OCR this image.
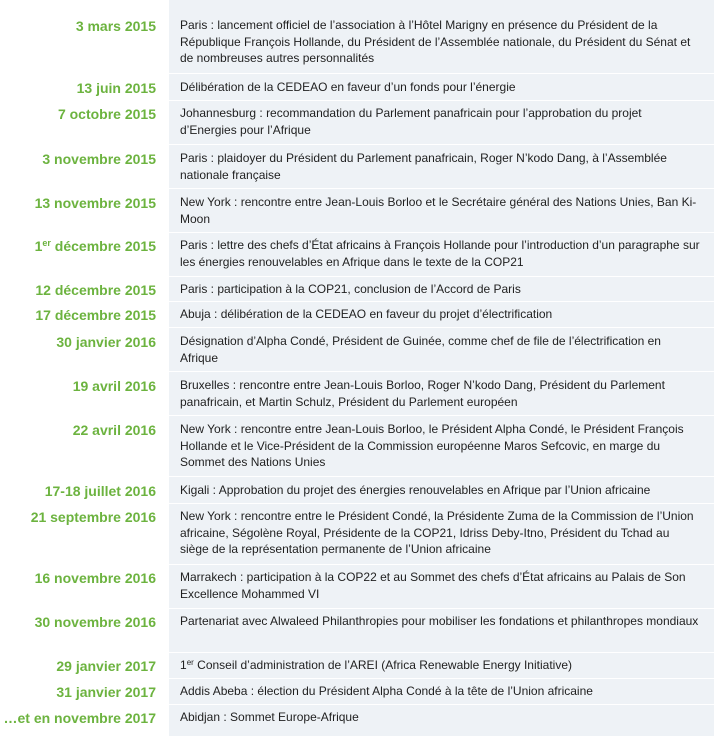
3 mars 2015 Paris : lancement officiel de l’association à l’Hôtel Marigny en présence du Président de la République François Hollande, du Président de l’Assemblée nationale, du Président du Sénat et de nombreuses autres personnalités
13 juin 2015 Délibération de la CEDEAO en faveur d’un fonds pour l’énergie
7 octobre 2015 Johannesburg : recommandation du Parlement panafricain pour l’approbation du projet d’Energies pour l’Afrique
3 novembre 2015 Paris : plaidoyer du Président du Parlement panafricain, Roger N’kodo Dang, à l’Assemblée nationale française
13 novembre 2015 New York : rencontre entre Jean-Louis Borloo et le Secrétaire général des Nations Unies, Ban Ki-Moon
1er décembre 2015 Paris : lettre des chefs d’État africains à François Hollande pour l’introduction d’un paragraphe sur les énergies renouvelables en Afrique dans le texte de la COP21
12 décembre 2015 Paris : participation à la COP21, conclusion de l’Accord de Paris
17 décembre 2015 Abuja : délibération de la CEDEAO en faveur du projet d’électrification
30 janvier 2016 Désignation d’Alpha Condé, Président de Guinée, comme chef de file de l’électrification en Afrique
19 avril 2016 Bruxelles : rencontre entre Jean-Louis Borloo, Roger N’kodo Dang, Président du Parlement panafricain, et Martin Schulz, Président du Parlement européen
22 avril 2016 New York : rencontre entre Jean-Louis Borloo, le Président Alpha Condé, le Président François Hollande et le Vice-Président de la Commission européenne Maros Sefcovic, en marge du Sommet des Nations Unies
17-18 juillet 2016 Kigali : Approbation du projet des énergies renouvelables en Afrique par l’Union africaine
21 septembre 2016 New York : rencontre entre le Président Condé, la Présidente Zuma de la Commission de l’Union africaine, Ségolène Royal, Présidente de la COP21, Idriss Deby-Itno, Président du Tchad au siège de la représentation permanente de l’Union africaine
16 novembre 2016 Marrakech : participation à la COP22 et au Sommet des chefs d’État africains au Palais de Son Excellence Mohammed VI
30 novembre 2016 Partenariat avec Alwaleed Philanthropies pour mobiliser les fondations et philanthropes mondiaux
29 janvier 2017 1er Conseil d’administration de l’AREI (Africa Renewable Energy Initiative)
31 janvier 2017 Addis Abeba : élection du Président Alpha Condé à la tête de l’Union africaine
…et en novembre 2017 Abidjan : Sommet Europe-Afrique
